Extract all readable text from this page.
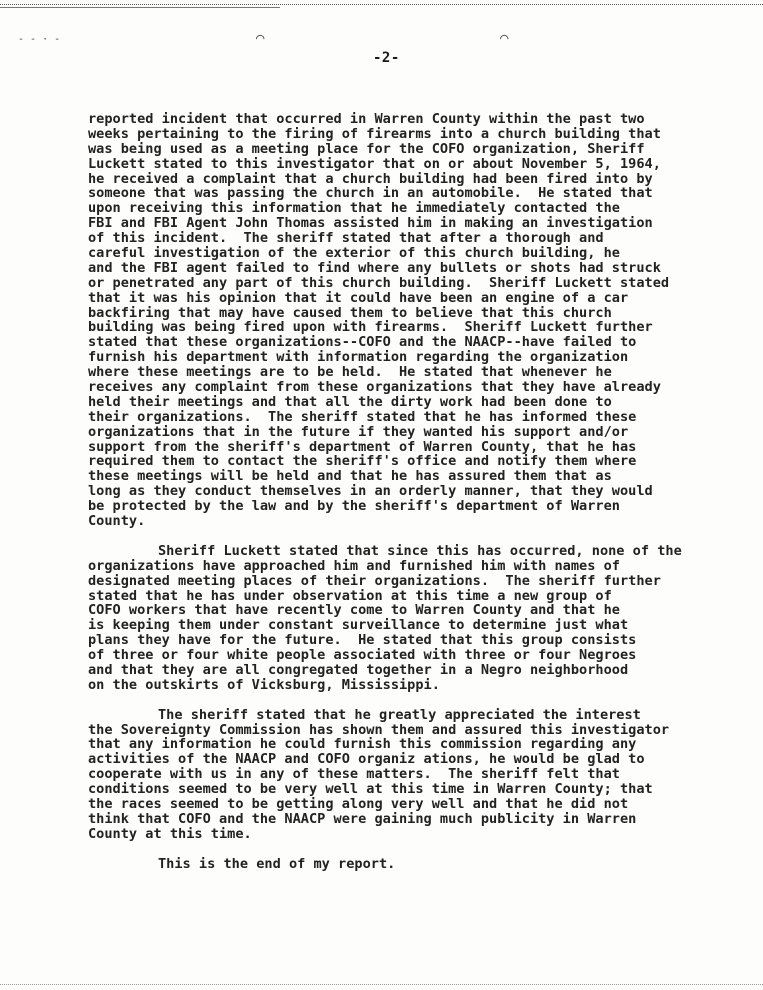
- - · -	⌒	⌒
-2-
reported incident that occurred in Warren County within the past two
weeks pertaining to the firing of firearms into a church building that
was being used as a meeting place for the COFO organization, Sheriff
Luckett stated to this investigator that on or about November 5, 1964,
he received a complaint that a church building had been fired into by
someone that was passing the church in an automobile.  He stated that
upon receiving this information that he immediately contacted the
FBI and FBI Agent John Thomas assisted him in making an investigation
of this incident.  The sheriff stated that after a thorough and
careful investigation of the exterior of this church building, he
and the FBI agent failed to find where any bullets or shots had struck
or penetrated any part of this church building.  Sheriff Luckett stated
that it was his opinion that it could have been an engine of a car
backfiring that may have caused them to believe that this church
building was being fired upon with firearms.  Sheriff Luckett further
stated that these organizations--COFO and the NAACP--have failed to
furnish his department with information regarding the organization
where these meetings are to be held.  He stated that whenever he
receives any complaint from these organizations that they have already
held their meetings and that all the dirty work had been done to
their organizations.  The sheriff stated that he has informed these
organizations that in the future if they wanted his support and/or
support from the sheriff's department of Warren County, that he has
required them to contact the sheriff's office and notify them where
these meetings will be held and that he has assured them that as
long as they conduct themselves in an orderly manner, that they would
be protected by the law and by the sheriff's department of Warren
County.
Sheriff Luckett stated that since this has occurred, none of the
organizations have approached him and furnished him with names of
designated meeting places of their organizations.  The sheriff further
stated that he has under observation at this time a new group of
COFO workers that have recently come to Warren County and that he
is keeping them under constant surveillance to determine just what
plans they have for the future.  He stated that this group consists
of three or four white people associated with three or four Negroes
and that they are all congregated together in a Negro neighborhood
on the outskirts of Vicksburg, Mississippi.
The sheriff stated that he greatly appreciated the interest
the Sovereignty Commission has shown them and assured this investigator
that any information he could furnish this commission regarding any
activities of the NAACP and COFO organiz ations, he would be glad to
cooperate with us in any of these matters.  The sheriff felt that
conditions seemed to be very well at this time in Warren County; that
the races seemed to be getting along very well and that he did not
think that COFO and the NAACP were gaining much publicity in Warren
County at this time.
This is the end of my report.
